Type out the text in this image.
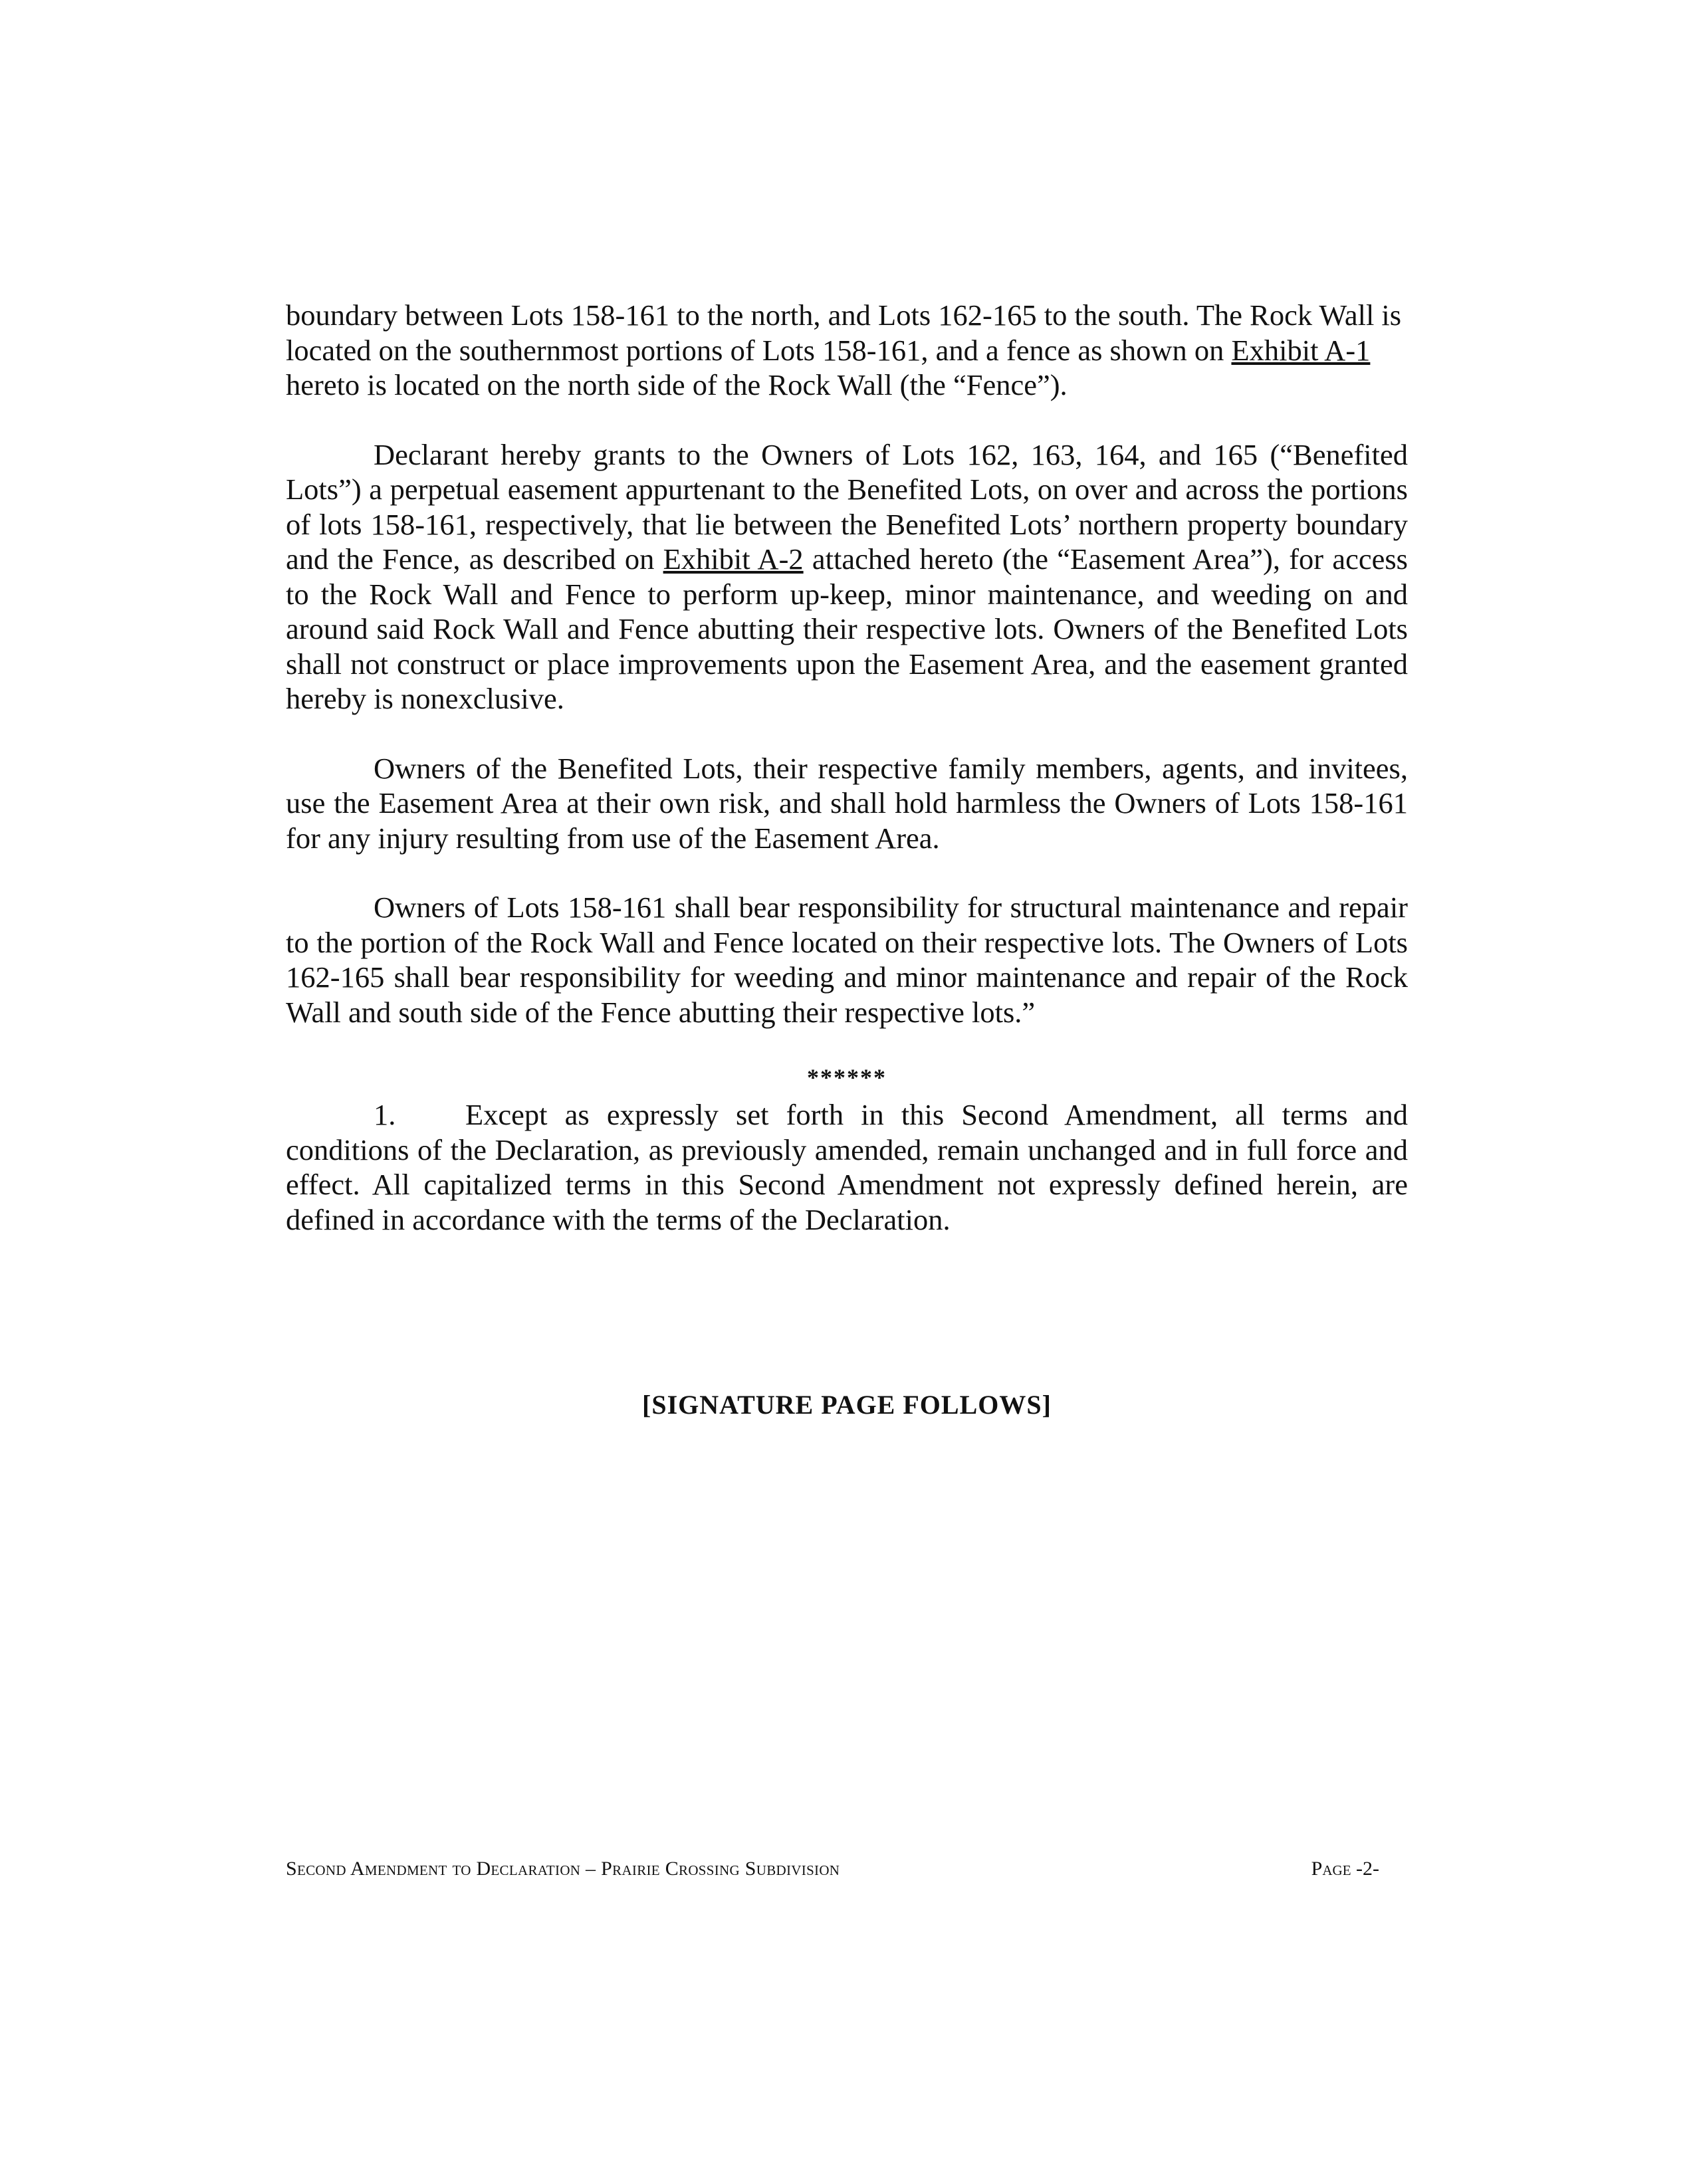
boundary between Lots 158-161 to the north, and Lots 162-165 to the south. The Rock Wall is located on the southernmost portions of Lots 158-161, and a fence as shown on Exhibit A-1 hereto is located on the north side of the Rock Wall (the “Fence”).

Declarant hereby grants to the Owners of Lots 162, 163, 164, and 165 (“Benefited Lots”) a perpetual easement appurtenant to the Benefited Lots, on over and across the portions of lots 158-161, respectively, that lie between the Benefited Lots’ northern property boundary and the Fence, as described on Exhibit A-2 attached hereto (the “Easement Area”), for access to the Rock Wall and Fence to perform up-keep, minor maintenance, and weeding on and around said Rock Wall and Fence abutting their respective lots. Owners of the Benefited Lots shall not construct or place improvements upon the Easement Area, and the easement granted hereby is nonexclusive.

Owners of the Benefited Lots, their respective family members, agents, and invitees, use the Easement Area at their own risk, and shall hold harmless the Owners of Lots 158-161 for any injury resulting from use of the Easement Area.

Owners of Lots 158-161 shall bear responsibility for structural maintenance and repair to the portion of the Rock Wall and Fence located on their respective lots. The Owners of Lots 162-165 shall bear responsibility for weeding and minor maintenance and repair of the Rock Wall and south side of the Fence abutting their respective lots.”

******

1. Except as expressly set forth in this Second Amendment, all terms and conditions of the Declaration, as previously amended, remain unchanged and in full force and effect. All capitalized terms in this Second Amendment not expressly defined herein, are defined in accordance with the terms of the Declaration.

[SIGNATURE PAGE FOLLOWS]
Second Amendment to Declaration – Prairie Crossing Subdivision	Page -2-
